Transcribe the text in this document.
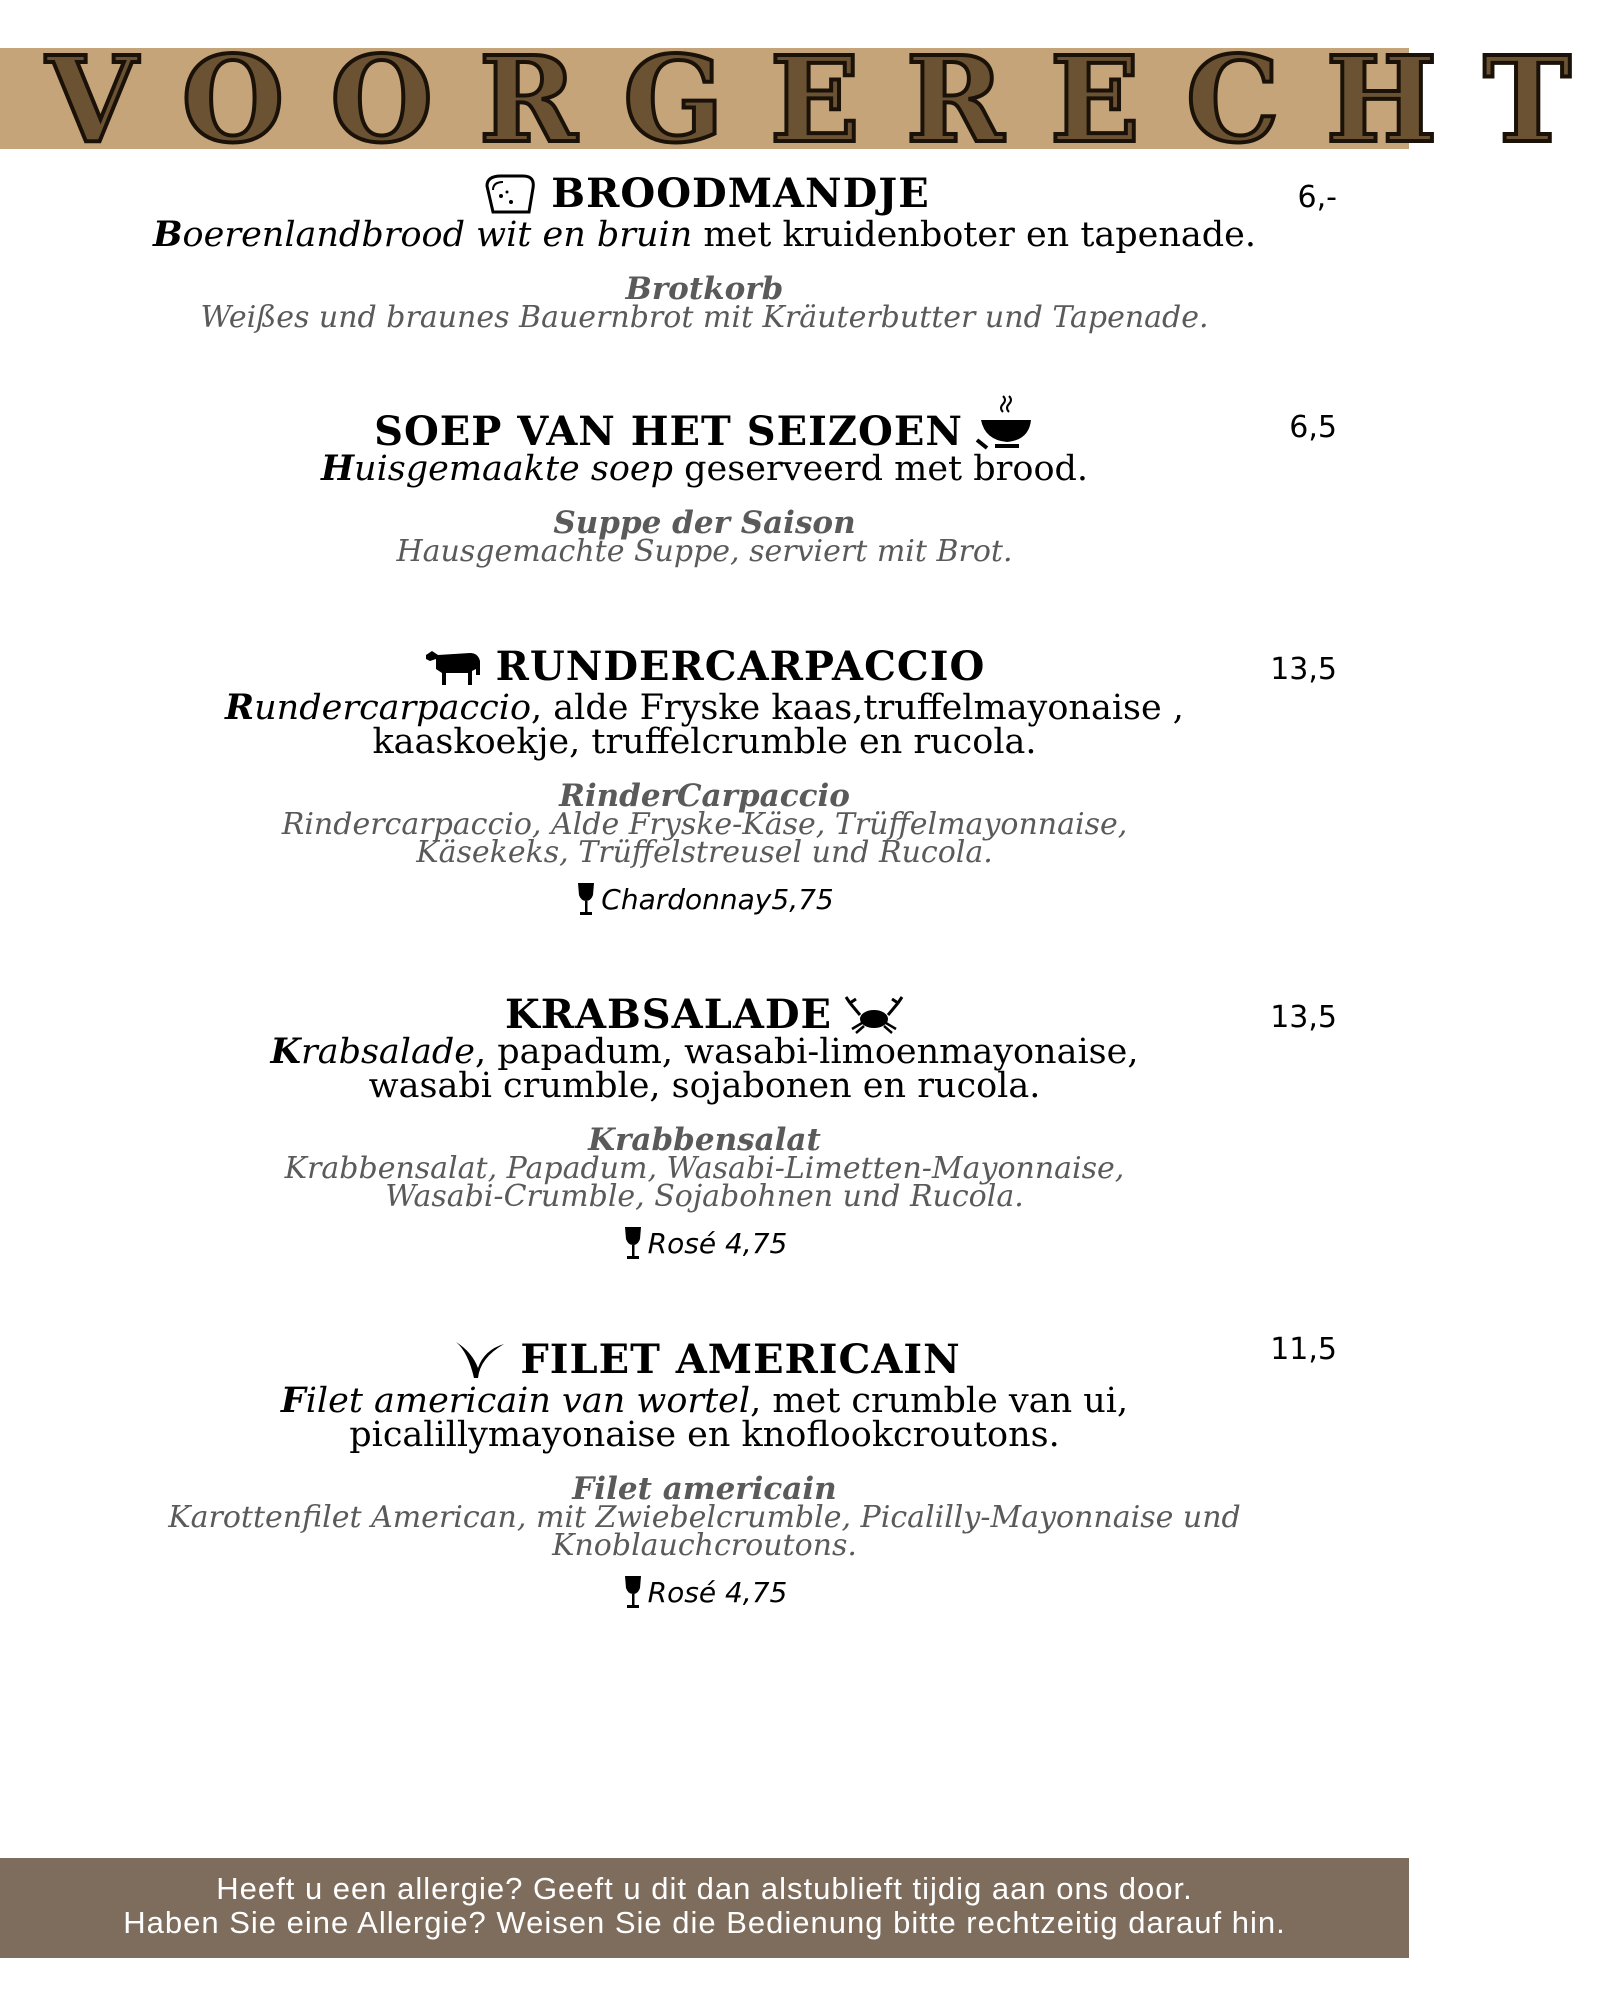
VOORGERECHT
BROODMANDJE
Boerenlandbrood wit en bruin met kruidenboter en tapenade.
Brotkorb
Weißes und braunes Bauernbrot mit Kräuterbutter und Tapenade.
6,-
SOEP VAN HET SEIZOEN
Huisgemaakte soep geserveerd met brood.
Suppe der Saison
Hausgemachte Suppe, serviert mit Brot.
6,5
RUNDERCARPACCIO
Rundercarpaccio, alde Fryske kaas,truffelmayonaise ,
kaaskoekje, truffelcrumble en rucola.
RinderCarpaccio
Rindercarpaccio, Alde Fryske-Käse, Trüffelmayonnaise,
Käsekeks, Trüffelstreusel und Rucola.
Chardonnay5,75
13,5
KRABSALADE
Krabsalade, papadum, wasabi-limoenmayonaise,
wasabi crumble, sojabonen en rucola.
Krabbensalat
Krabbensalat, Papadum, Wasabi-Limetten-Mayonnaise,
Wasabi-Crumble, Sojabohnen und Rucola.
Rosé 4,75
13,5
FILET AMERICAIN
Filet americain van wortel, met crumble van ui,
picalillymayonaise en knoflookcroutons.
Filet americain
Karottenfilet American, mit Zwiebelcrumble, Picalilly-Mayonnaise und
Knoblauchcroutons.
Rosé 4,75
11,5
Heeft u een allergie? Geeft u dit dan alstublieft tijdig aan ons door.
Haben Sie eine Allergie? Weisen Sie die Bedienung bitte rechtzeitig darauf hin.
